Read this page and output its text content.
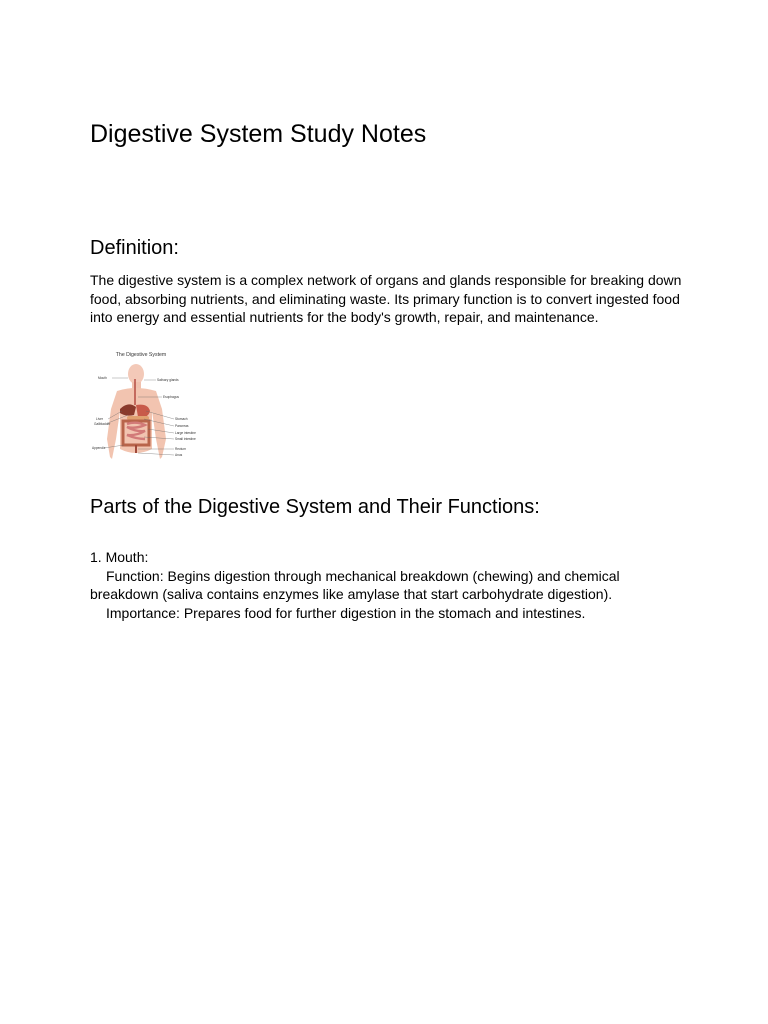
Digestive System Study Notes
Definition:

The digestive system is a complex network of organs and glands responsible for breaking down food, absorbing nutrients, and eliminating waste. Its primary function is to convert ingested food into energy and essential nutrients for the body's growth, repair, and maintenance.

The Digestive System
Mouth	Salivary glands
Esophagus
Liver
Gallbladder
Stomach
Pancreas
Large intestine
Small intestine
Appendix	Rectum
Anus
Parts of the Digestive System and Their Functions:
1. Mouth:
Function: Begins digestion through mechanical breakdown (chewing) and chemical breakdown (saliva contains enzymes like amylase that start carbohydrate digestion).
Importance: Prepares food for further digestion in the stomach and intestines.
